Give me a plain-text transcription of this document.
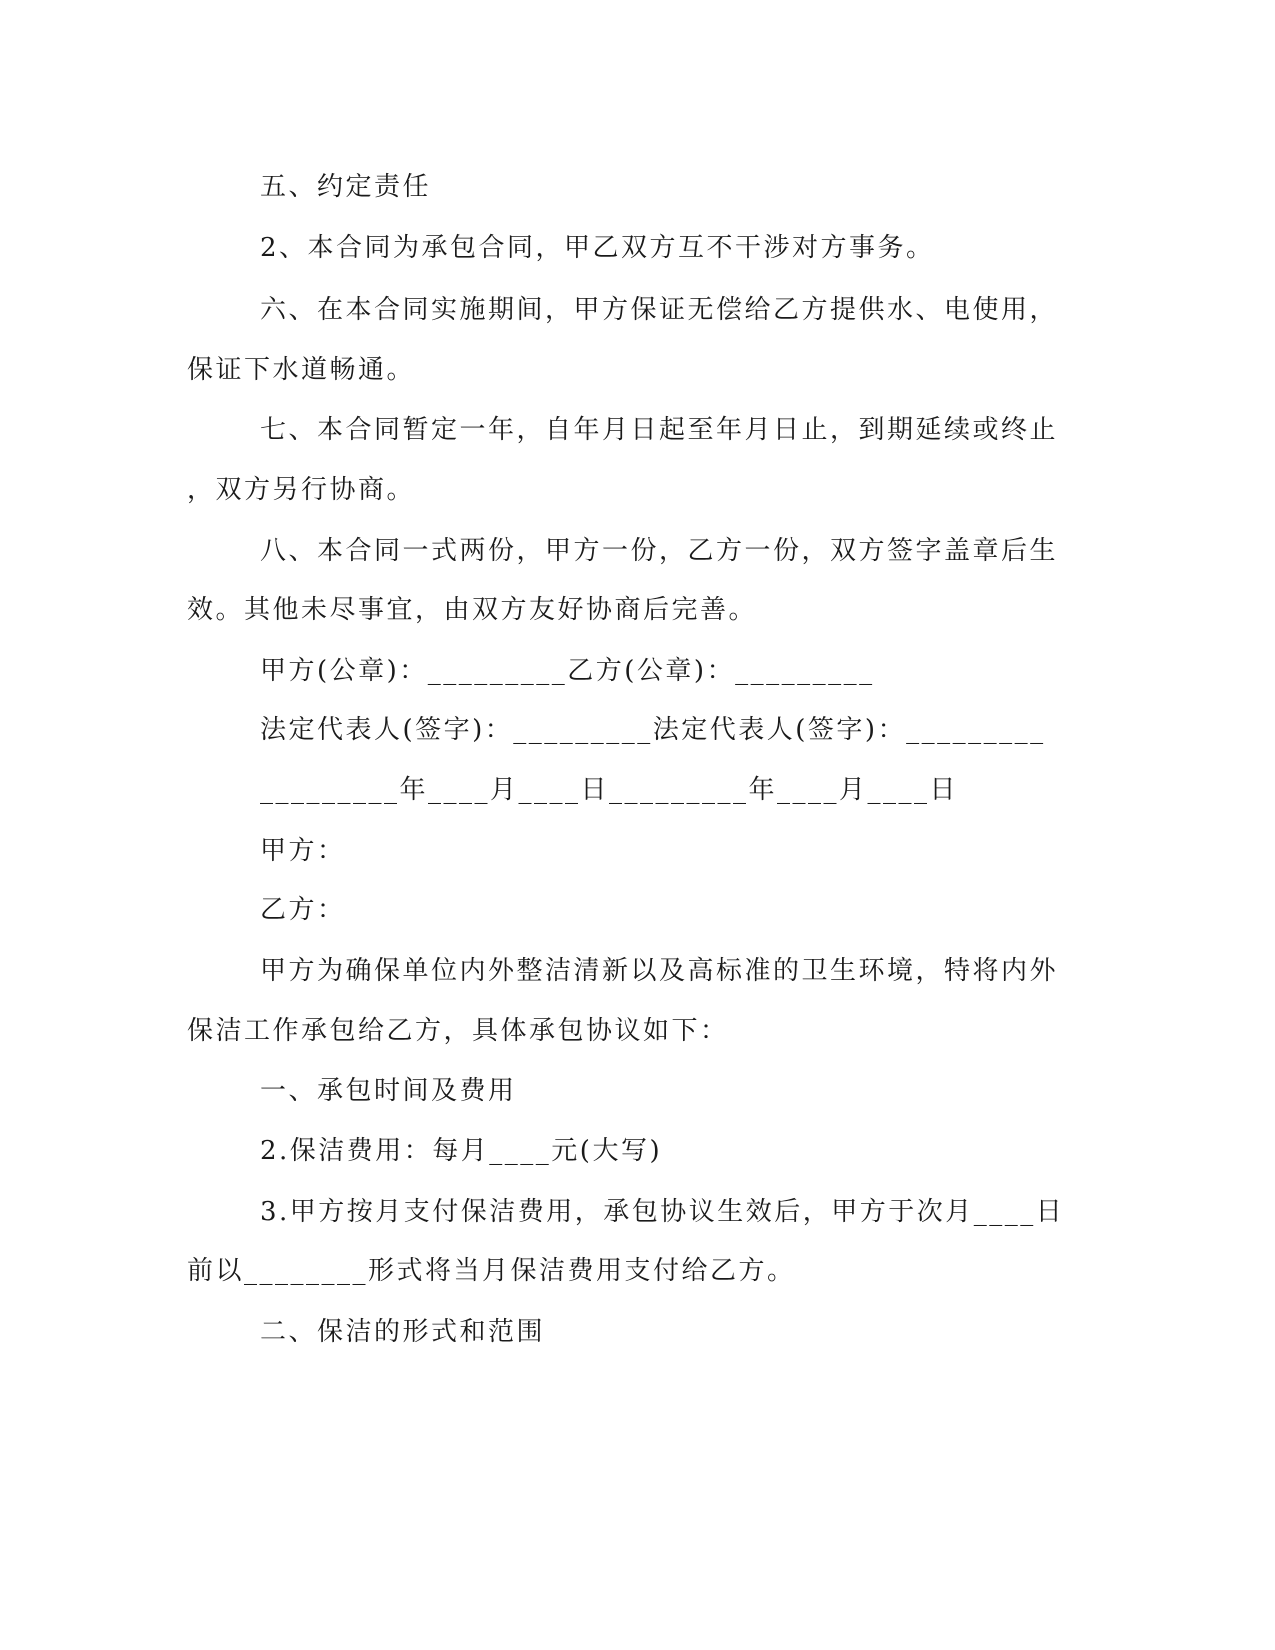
五、约定责任
2、本合同为承包合同，甲乙双方互不干涉对方事务。
六、在本合同实施期间，甲方保证无偿给乙方提供水、电使用，
保证下水道畅通。
七、本合同暂定一年，自年月日起至年月日止，到期延续或终止
，双方另行协商。
八、本合同一式两份，甲方一份，乙方一份，双方签字盖章后生
效。其他未尽事宜，由双方友好协商后完善。
甲方(公章)：_________乙方(公章)：_________
法定代表人(签字)：_________法定代表人(签字)：_________
_________年____月____日_________年____月____日
甲方：
乙方：
甲方为确保单位内外整洁清新以及高标准的卫生环境，特将内外
保洁工作承包给乙方，具体承包协议如下：
一、承包时间及费用
2.保洁费用：每月____元(大写)
3.甲方按月支付保洁费用，承包协议生效后，甲方于次月____日
前以________形式将当月保洁费用支付给乙方。
二、保洁的形式和范围
